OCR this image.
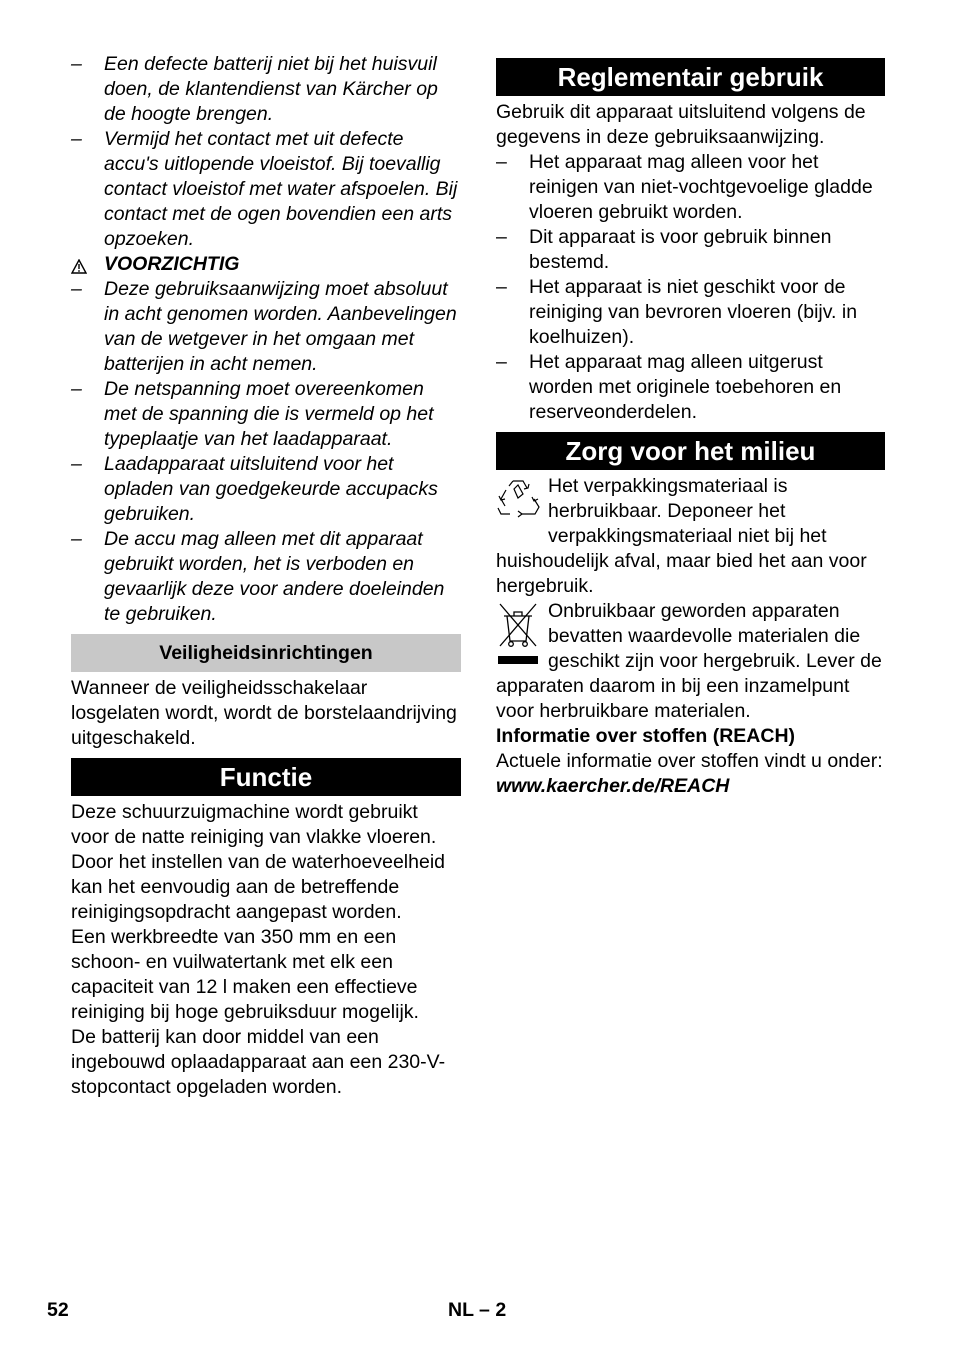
– Een defecte batterij niet bij het huisvuil doen, de klantendienst van Kärcher op de hoogte brengen.
– Vermijd het contact met uit defecte accu's uitlopende vloeistof. Bij toevallig contact vloeistof met water afspoelen. Bij contact met de ogen bovendien een arts opzoeken.
VOORZICHTIG
– Deze gebruiksaanwijzing moet absoluut in acht genomen worden. Aanbevelingen van de wetgever in het omgaan met batterijen in acht nemen.
– De netspanning moet overeenkomen met de spanning die is vermeld op het typeplaatje van het laadapparaat.
– Laadapparaat uitsluitend voor het opladen van goedgekeurde accupacks gebruiken.
– De accu mag alleen met dit apparaat gebruikt worden, het is verboden en gevaarlijk deze voor andere doeleinden te gebruiken.
Veiligheidsinrichtingen
Wanneer de veiligheidsschakelaar losgelaten wordt, wordt de borstelaandrijving uitgeschakeld.
Functie
Deze schuurzuigmachine wordt gebruikt voor de natte reiniging van vlakke vloeren. Door het instellen van de waterhoeveelheid kan het eenvoudig aan de betreffende reinigingsopdracht aangepast worden.
Een werkbreedte van 350 mm en een schoon- en vuilwatertank met elk een capaciteit van 12 l maken een effectieve reiniging bij hoge gebruiksduur mogelijk.
De batterij kan door middel van een ingebouwd oplaadapparaat aan een 230-V-stopcontact opgeladen worden.
Reglementair gebruik
Gebruik dit apparaat uitsluitend volgens de gegevens in deze gebruiksaanwijzing.
– Het apparaat mag alleen voor het reinigen van niet-vochtgevoelige gladde vloeren gebruikt worden.
– Dit apparaat is voor gebruik binnen bestemd.
– Het apparaat is niet geschikt voor de reiniging van bevroren vloeren (bijv. in koelhuizen).
– Het apparaat mag alleen uitgerust worden met originele toebehoren en reserveonderdelen.
Zorg voor het milieu
Het verpakkingsmateriaal is herbruikbaar. Deponeer het verpakkingsmateriaal niet bij het huishoudelijk afval, maar bied het aan voor hergebruik.
Onbruikbaar geworden apparaten bevatten waardevolle materialen die geschikt zijn voor hergebruik. Lever de apparaten daarom in bij een inzamelpunt voor herbruikbare materialen.
Informatie over stoffen (REACH)
Actuele informatie over stoffen vindt u onder:
www.kaercher.de/REACH
52	NL – 2
